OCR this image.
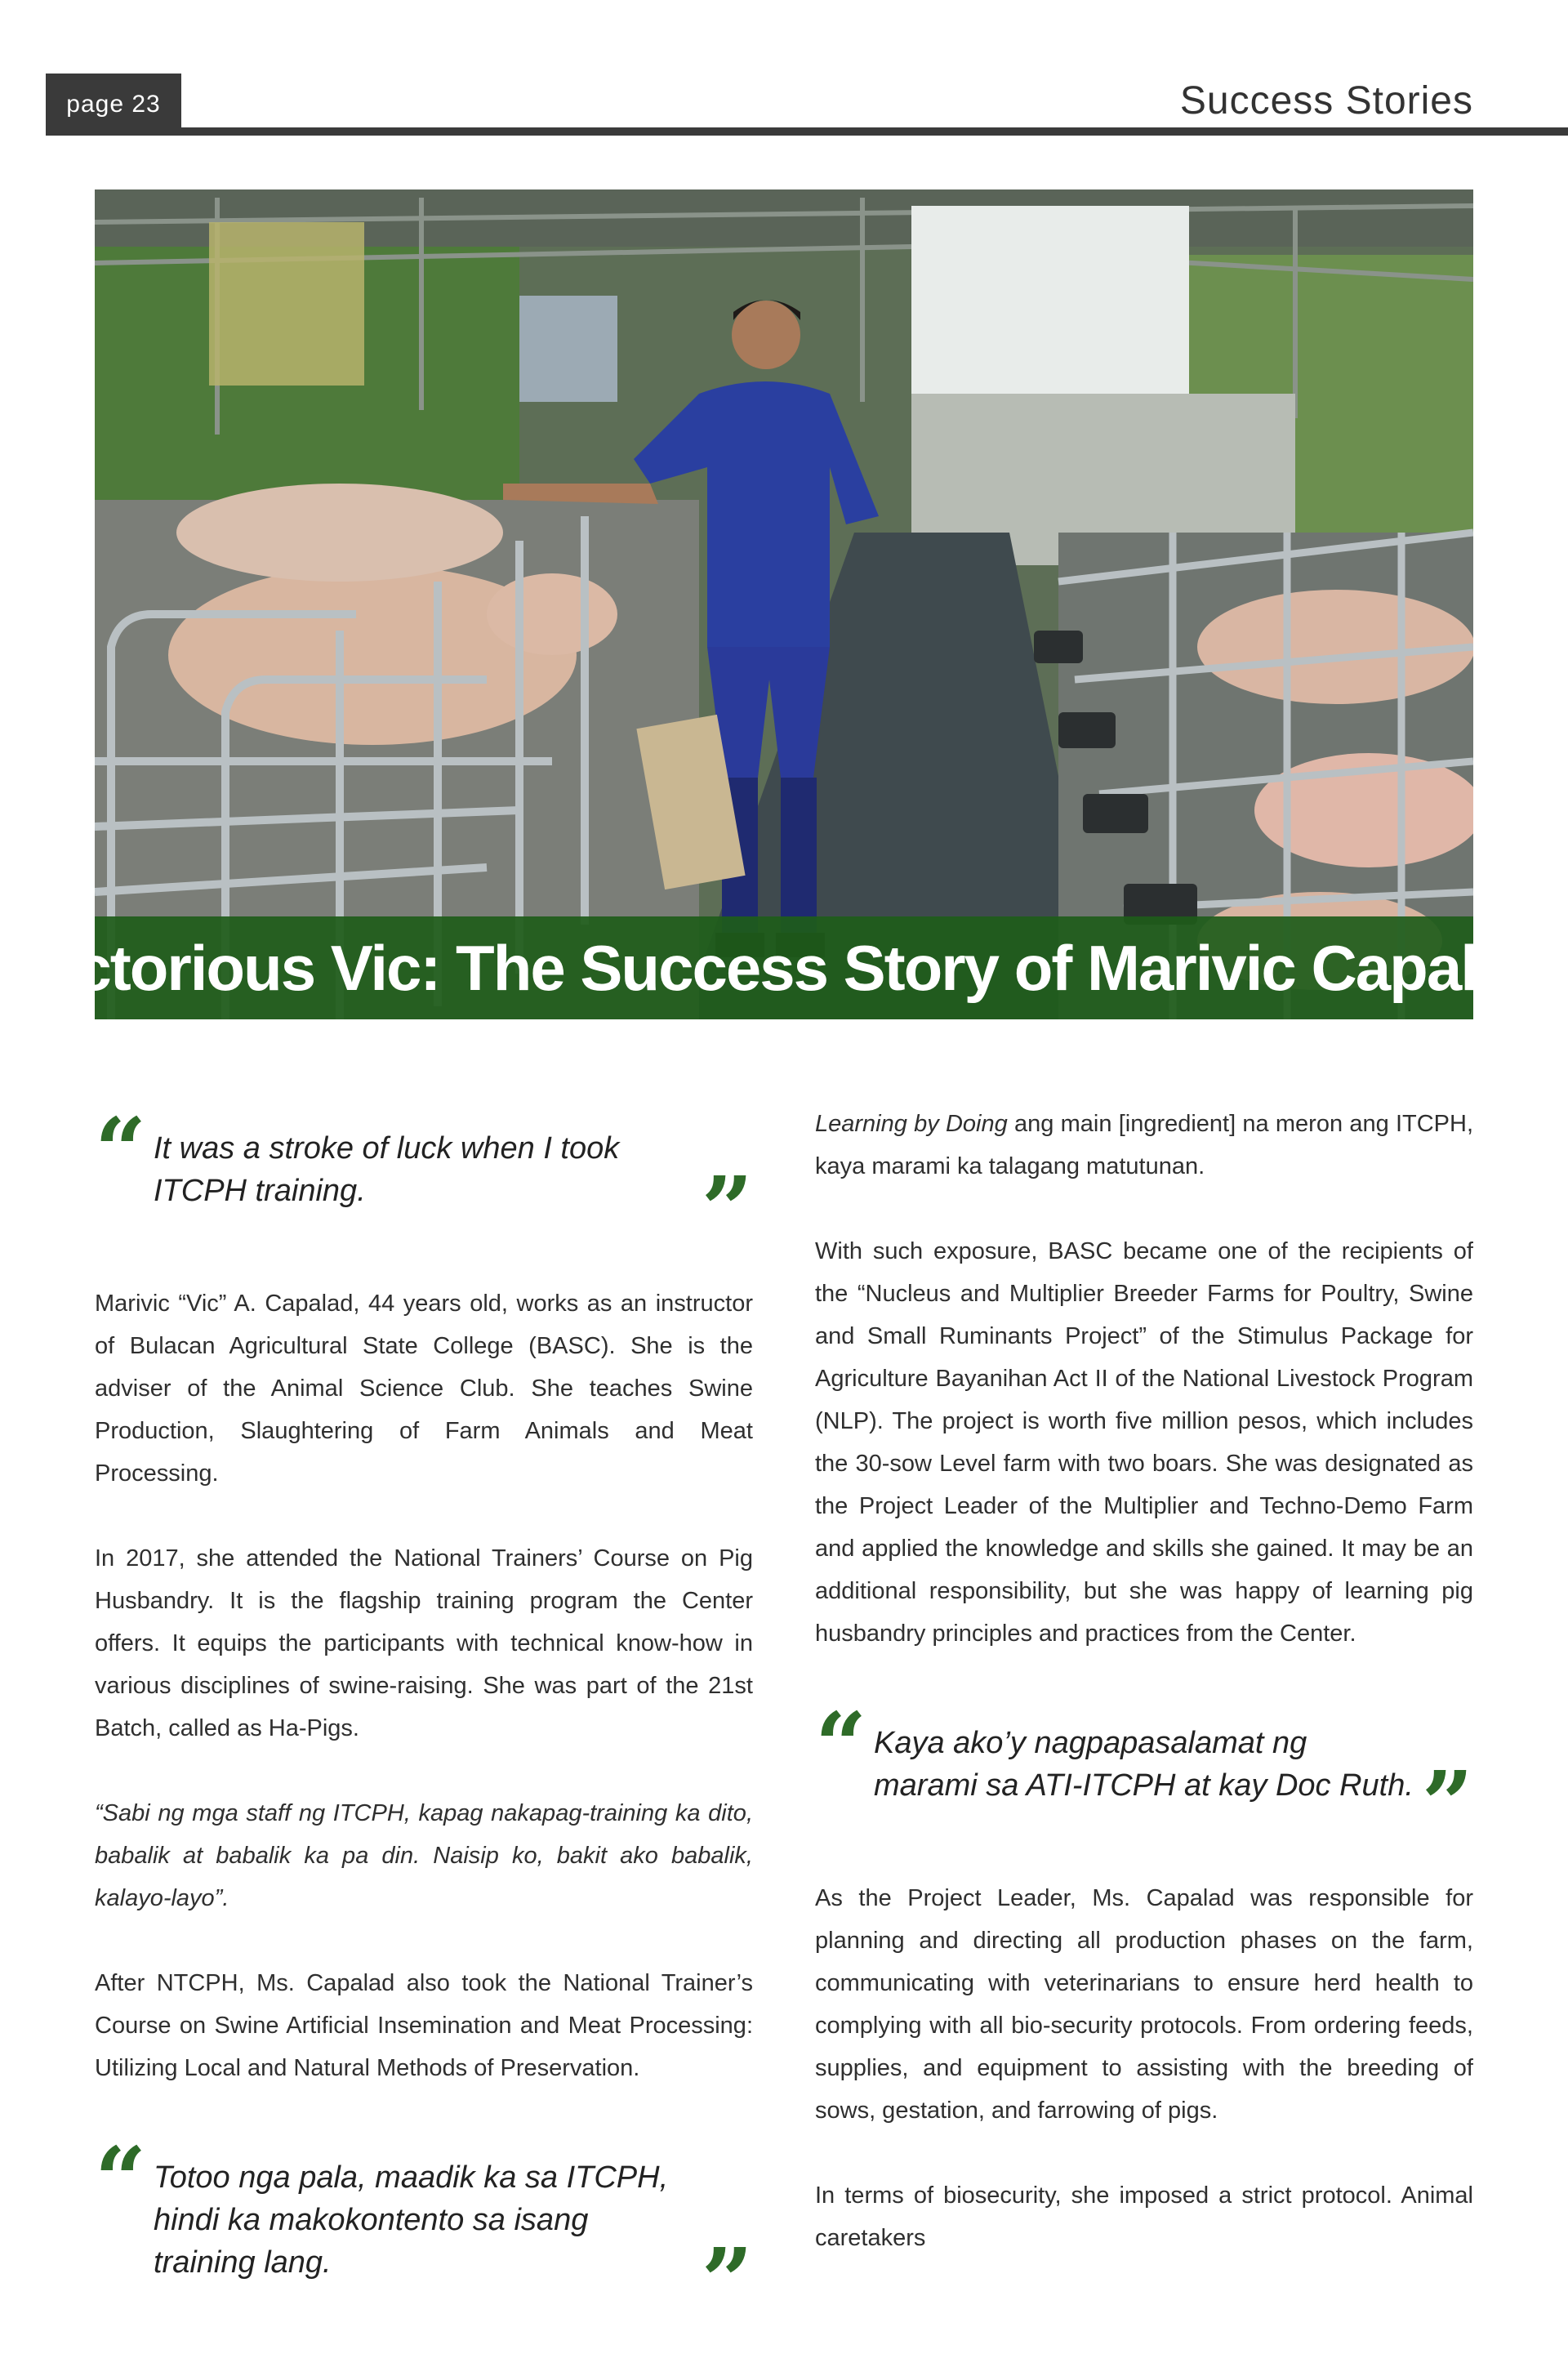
page 23	Success Stories
Victorious Vic: The Success Story of Marivic Capalad
“ It was a stroke of luck when I took ITCPH training.	”

Marivic “Vic” A. Capalad, 44 years old, works as an instructor of Bulacan Agricultural State College (BASC). She is the adviser of the Animal Science Club. She teaches Swine Production, Slaughtering of Farm Animals and Meat Processing.

In 2017, she attended the National Trainers’ Course on Pig Husbandry. It is the flagship training program the Center offers. It equips the participants with technical know-how in various disciplines of swine-raising. She was part of the 21st Batch, called as Ha-Pigs.

“Sabi ng mga staff ng ITCPH, kapag nakapag-training ka dito, babalik at babalik ka pa din. Naisip ko, bakit ako babalik, kalayo-layo”.

After NTCPH, Ms. Capalad also took the National Trainer’s Course on Swine Artificial Insemination and Meat Processing: Utilizing Local and Natural Methods of Preservation.

“ Totoo nga pala, maadik ka sa ITCPH, hindi ka makokontento sa isang training lang.	”

Learning by Doing ang main [ingredient] na meron ang ITCPH, kaya marami ka talagang matutunan.

With such exposure, BASC became one of the recipients of the “Nucleus and Multiplier Breeder Farms for Poultry, Swine and Small Ruminants Project” of the Stimulus Package for Agriculture Bayanihan Act II of the National Livestock Program (NLP). The project is worth five million pesos, which includes the 30-sow Level farm with two boars. She was designated as the Project Leader of the Multiplier and Techno-Demo Farm and applied the knowledge and skills she gained. It may be an additional responsibility, but she was happy of learning pig husbandry principles and practices from the Center.

“ Kaya ako’y nagpapasalamat ng marami sa ATI-ITCPH at kay Doc Ruth. ”

As the Project Leader, Ms. Capalad was responsible for planning and directing all production phases on the farm, communicating with veterinarians to ensure herd health to complying with all bio-security protocols. From ordering feeds, supplies, and equipment to assisting with the breeding of sows, gestation, and farrowing of pigs.

In terms of biosecurity, she imposed a strict protocol. Animal caretakers
